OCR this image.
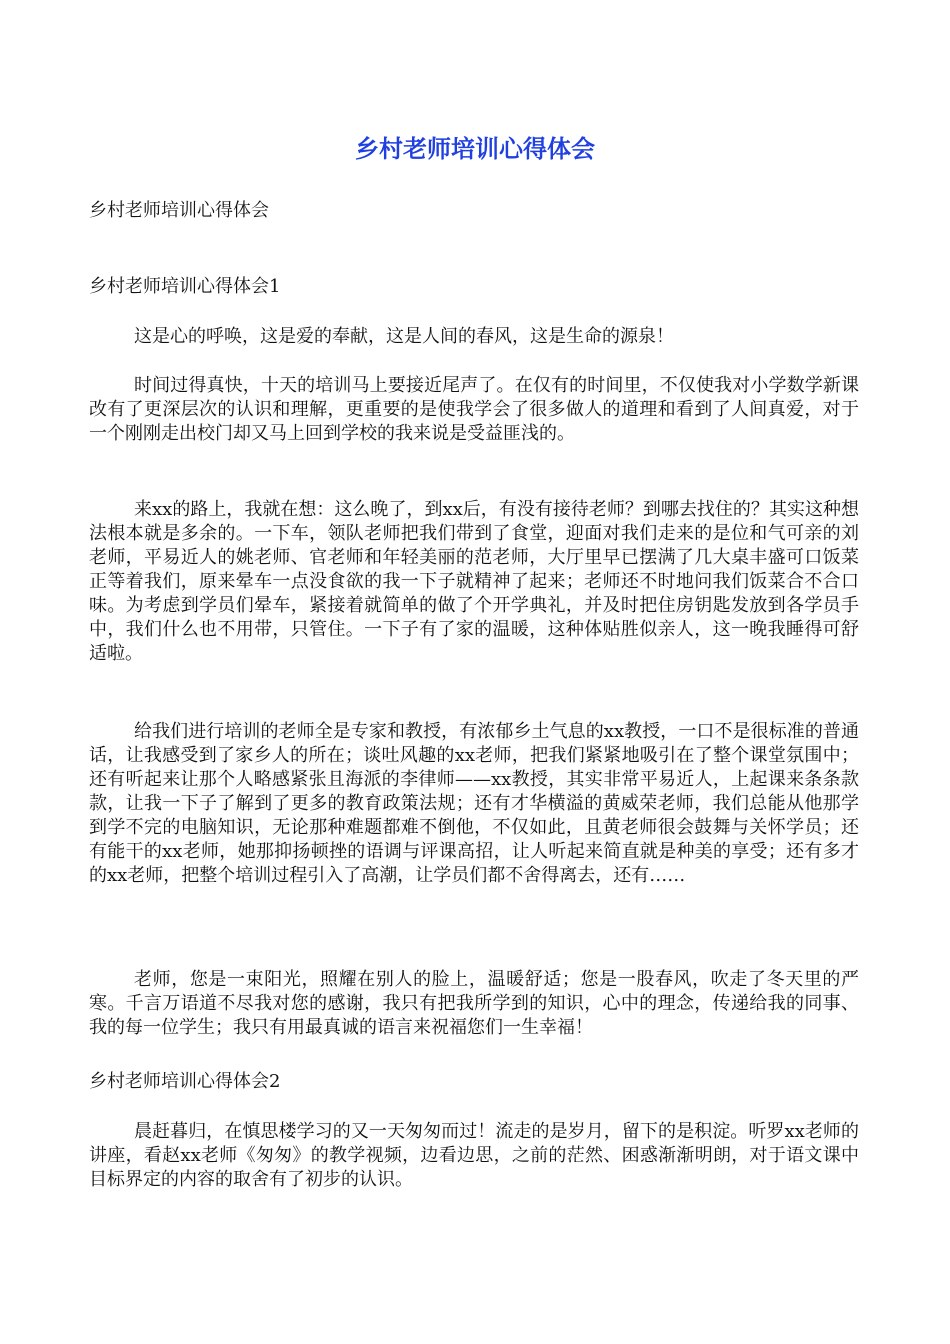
乡村老师培训心得体会

乡村老师培训心得体会

乡村老师培训心得体会1

这是心的呼唤，这是爱的奉献，这是人间的春风，这是生命的源泉！

时间过得真快，十天的培训马上要接近尾声了。在仅有的时间里，不仅使我对小学数学新课改有了更深层次的认识和理解，更重要的是使我学会了很多做人的道理和看到了人间真爱，对于一个刚刚走出校门却又马上回到学校的我来说是受益匪浅的。

来xx的路上，我就在想：这么晚了，到xx后，有没有接待老师？到哪去找住的？其实这种想法根本就是多余的。一下车，领队老师把我们带到了食堂，迎面对我们走来的是位和气可亲的刘老师，平易近人的姚老师、官老师和年轻美丽的范老师，大厅里早已摆满了几大桌丰盛可口饭菜正等着我们，原来晕车一点没食欲的我一下子就精神了起来；老师还不时地问我们饭菜合不合口味。为考虑到学员们晕车，紧接着就简单的做了个开学典礼，并及时把住房钥匙发放到各学员手中，我们什么也不用带，只管住。一下子有了家的温暖，这种体贴胜似亲人，这一晚我睡得可舒适啦。

给我们进行培训的老师全是专家和教授，有浓郁乡土气息的xx教授，一口不是很标准的普通话，让我感受到了家乡人的所在；谈吐风趣的xx老师，把我们紧紧地吸引在了整个课堂氛围中；还有听起来让那个人略感紧张且海派的李律师——xx教授，其实非常平易近人，上起课来条条款款，让我一下子了解到了更多的教育政策法规；还有才华横溢的黄威荣老师，我们总能从他那学到学不完的电脑知识，无论那种难题都难不倒他，不仅如此，且黄老师很会鼓舞与关怀学员；还有能干的xx老师，她那抑扬顿挫的语调与评课高招，让人听起来简直就是种美的享受；还有多才的xx老师，把整个培训过程引入了高潮，让学员们都不舍得离去，还有……

老师，您是一束阳光，照耀在别人的脸上，温暖舒适；您是一股春风，吹走了冬天里的严寒。千言万语道不尽我对您的感谢，我只有把我所学到的知识，心中的理念，传递给我的同事、我的每一位学生；我只有用最真诚的语言来祝福您们一生幸福！

乡村老师培训心得体会2

晨赶暮归，在慎思楼学习的又一天匆匆而过！流走的是岁月，留下的是积淀。听罗xx老师的讲座，看赵xx老师《匆匆》的教学视频，边看边思，之前的茫然、困惑渐渐明朗，对于语文课中目标界定的内容的取舍有了初步的认识。
